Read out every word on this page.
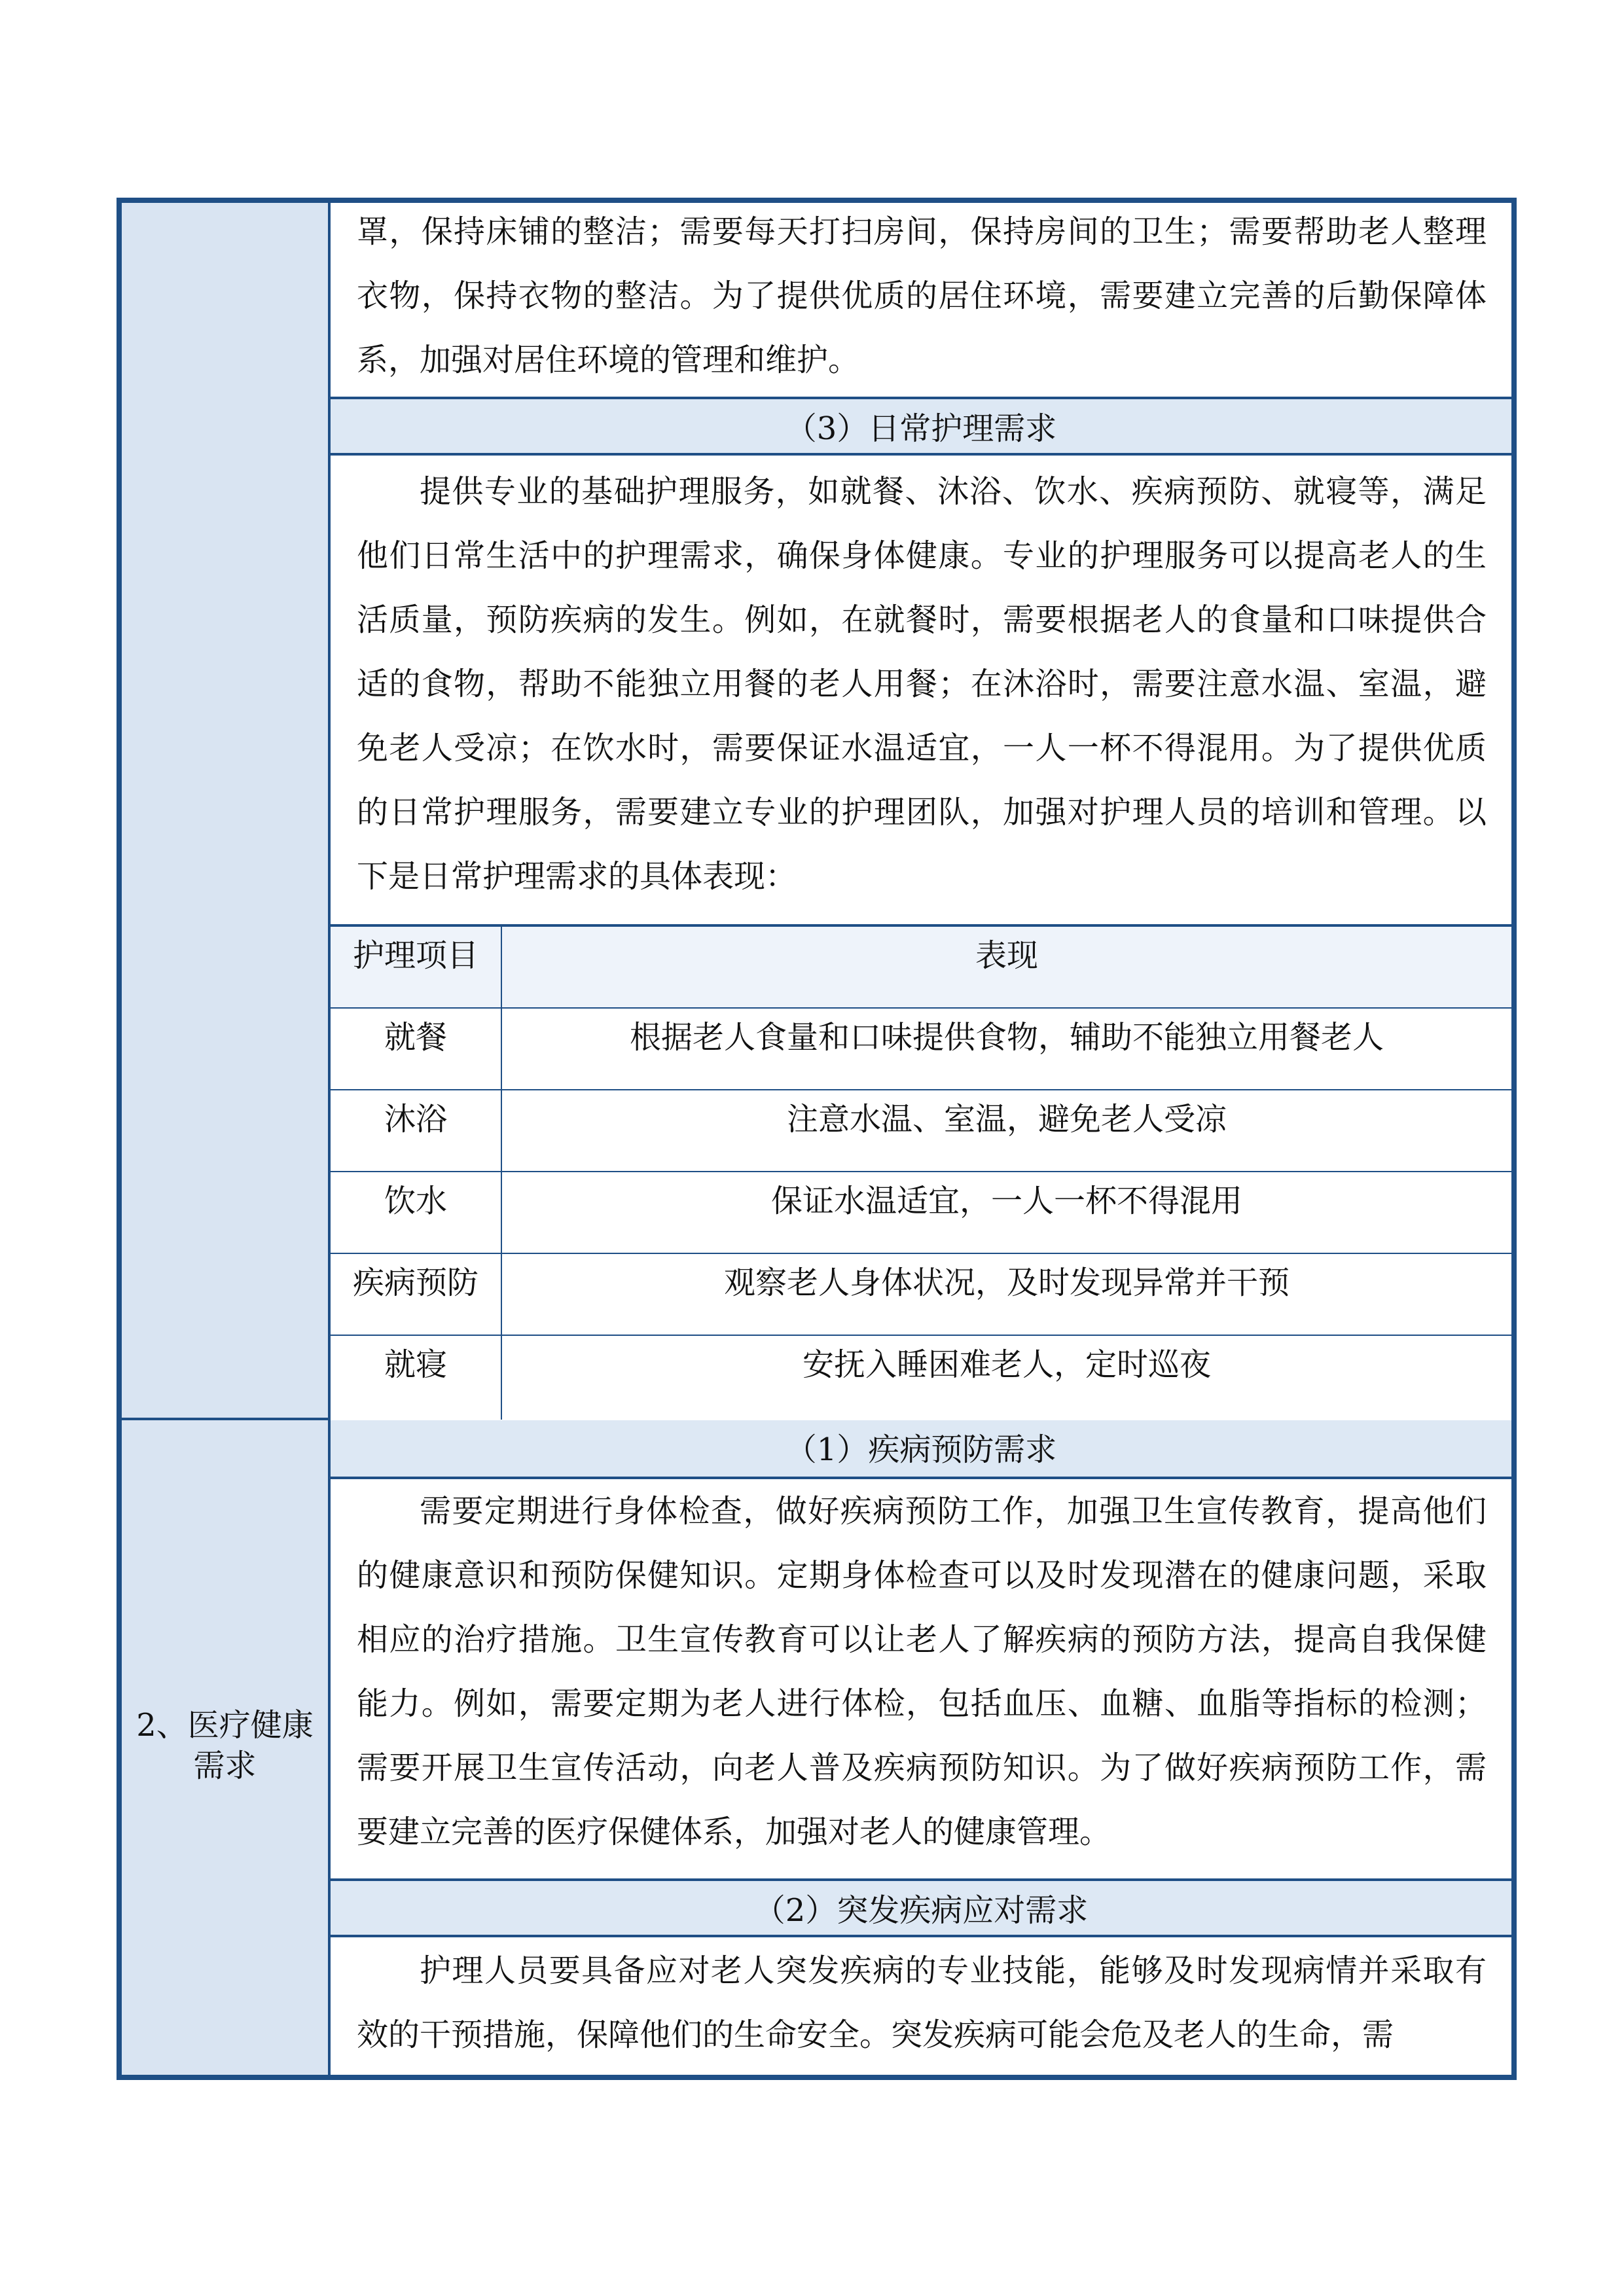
2、医疗健康需求
罩，保持床铺的整洁；需要每天打扫房间，保持房间的卫生；需要帮助老人整理衣物，保持衣物的整洁。为了提供优质的居住环境，需要建立完善的后勤保障体系，加强对居住环境的管理和维护。
（3）日常护理需求
提供专业的基础护理服务，如就餐、沐浴、饮水、疾病预防、就寝等，满足他们日常生活中的护理需求，确保身体健康。专业的护理服务可以提高老人的生活质量，预防疾病的发生。例如，在就餐时，需要根据老人的食量和口味提供合适的食物，帮助不能独立用餐的老人用餐；在沐浴时，需要注意水温、室温，避免老人受凉；在饮水时，需要保证水温适宜，一人一杯不得混用。为了提供优质的日常护理服务，需要建立专业的护理团队，加强对护理人员的培训和管理。以下是日常护理需求的具体表现：
护理项目	表现
就餐	根据老人食量和口味提供食物，辅助不能独立用餐老人
沐浴	注意水温、室温，避免老人受凉
饮水	保证水温适宜，一人一杯不得混用
疾病预防	观察老人身体状况，及时发现异常并干预
就寝	安抚入睡困难老人，定时巡夜
（1）疾病预防需求
需要定期进行身体检查，做好疾病预防工作，加强卫生宣传教育，提高他们的健康意识和预防保健知识。定期身体检查可以及时发现潜在的健康问题，采取相应的治疗措施。卫生宣传教育可以让老人了解疾病的预防方法，提高自我保健能力。例如，需要定期为老人进行体检，包括血压、血糖、血脂等指标的检测；需要开展卫生宣传活动，向老人普及疾病预防知识。为了做好疾病预防工作，需要建立完善的医疗保健体系，加强对老人的健康管理。
（2）突发疾病应对需求
护理人员要具备应对老人突发疾病的专业技能，能够及时发现病情并采取有效的干预措施，保障他们的生命安全。突发疾病可能会危及老人的生命，需
